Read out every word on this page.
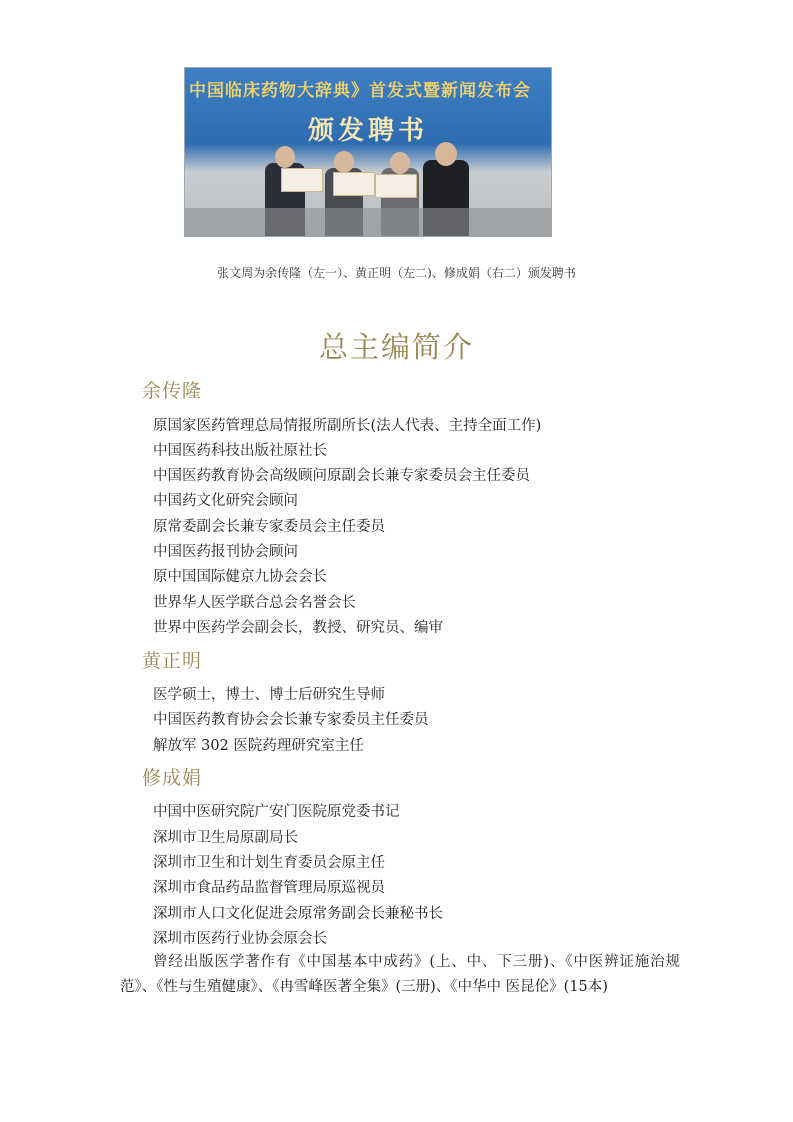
中国临床药物大辞典》首发式暨新闻发布会
颁发聘书
张文周为余传隆（左一）、黄正明（左二)、修成娟（右二）颁发聘书
总主编简介
余传隆
原国家医药管理总局情报所副所长(法人代表、主持全面工作)
中国医药科技出版社原社长
中国医药教育协会高级顾问原副会长兼专家委员会主任委员
中国药文化研究会顾问
原常委副会长兼专家委员会主任委员
中国医药报刊协会顾问
原中国国际健京九协会会长
世界华人医学联合总会名誉会长
世界中医药学会副会长，教授、研究员、编审
黄正明
医学硕士，博士、博士后研究生导师
中国医药教育协会会长兼专家委员主任委员
解放军 302 医院药理研究室主任
修成娟
中国中医研究院广安门医院原党委书记
深圳市卫生局原副局长
深圳市卫生和计划生育委员会原主任
深圳市食品药品监督管理局原巡视员
深圳市人口文化促进会原常务副会长兼秘书长
深圳市医药行业协会原会长
曾经出版医学著作有《中国基本中成药》(上、中、下三册)、《中医辨证施治规范》、《性与生殖健康》、《冉雪峰医著全集》(三册)、《中华中 医昆伦》(15本)
